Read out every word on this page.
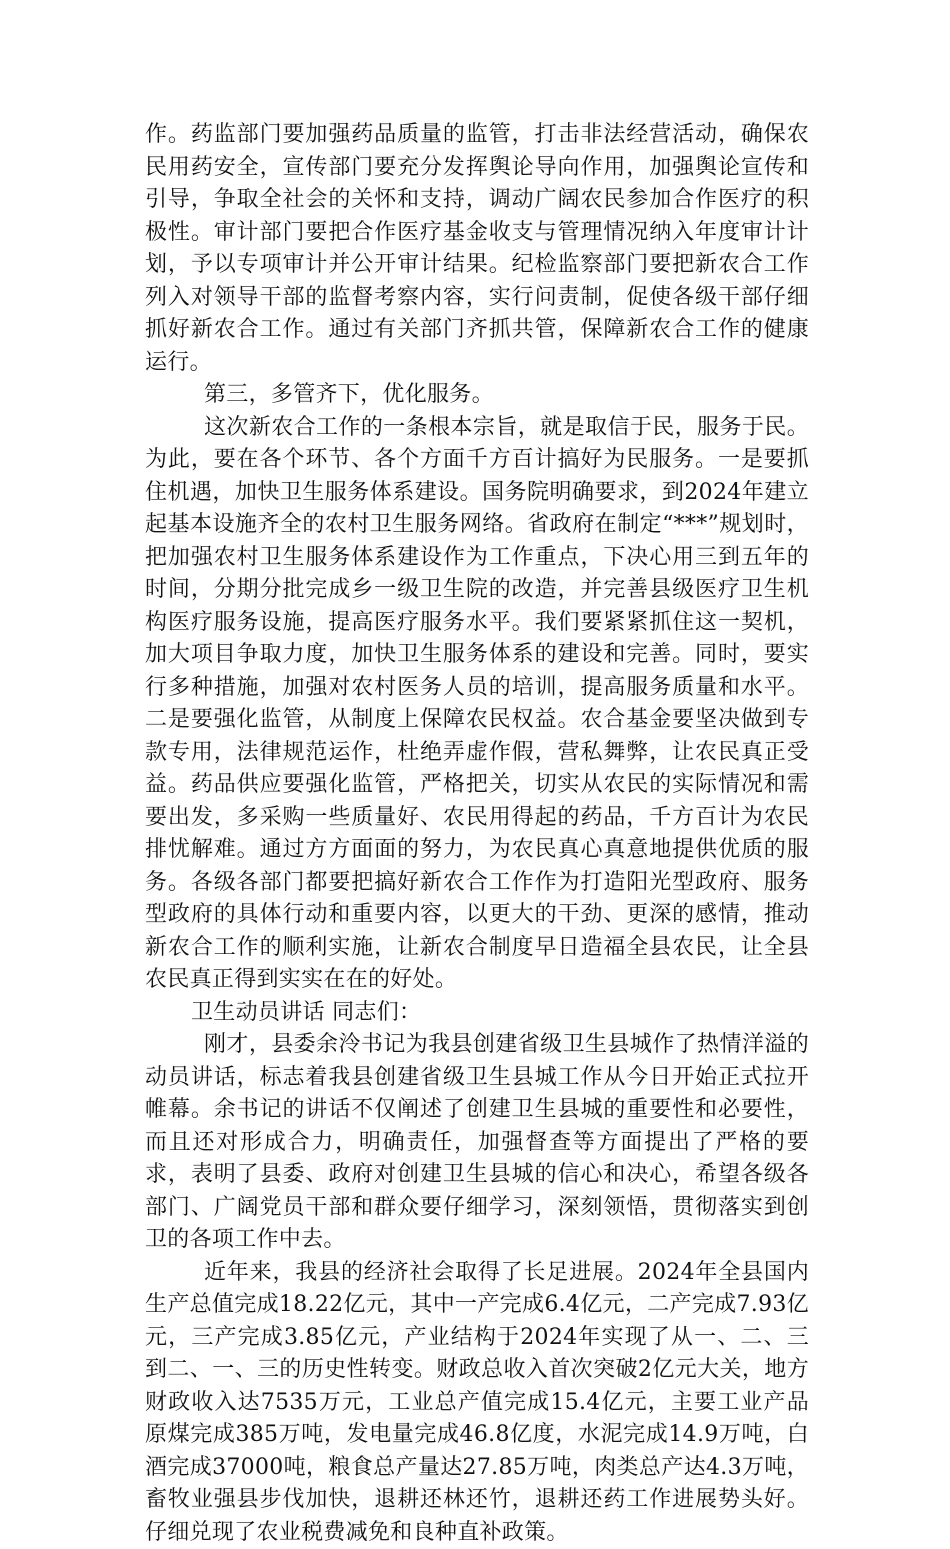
作。药监部门要加强药品质量的监管，打击非法经营活动，确保农民用药安全，宣传部门要充分发挥舆论导向作用，加强舆论宣传和引导，争取全社会的关怀和支持，调动广阔农民参加合作医疗的积极性。审计部门要把合作医疗基金收支与管理情况纳入年度审计计划，予以专项审计并公开审计结果。纪检监察部门要把新农合工作列入对领导干部的监督考察内容，实行问责制，促使各级干部仔细抓好新农合工作。通过有关部门齐抓共管，保障新农合工作的健康运行。

第三，多管齐下，优化服务。

这次新农合工作的一条根本宗旨，就是取信于民，服务于民。为此，要在各个环节、各个方面千方百计搞好为民服务。一是要抓住机遇，加快卫生服务体系建设。国务院明确要求，到2024年建立起基本设施齐全的农村卫生服务网络。省政府在制定“***”规划时，把加强农村卫生服务体系建设作为工作重点，下决心用三到五年的时间，分期分批完成乡一级卫生院的改造，并完善县级医疗卫生机构医疗服务设施，提高医疗服务水平。我们要紧紧抓住这一契机，加大项目争取力度，加快卫生服务体系的建设和完善。同时，要实行多种措施，加强对农村医务人员的培训，提高服务质量和水平。二是要强化监管，从制度上保障农民权益。农合基金要坚决做到专款专用，法律规范运作，杜绝弄虚作假，营私舞弊，让农民真正受益。药品供应要强化监管，严格把关，切实从农民的实际情况和需要出发，多采购一些质量好、农民用得起的药品，千方百计为农民排忧解难。通过方方面面的努力，为农民真心真意地提供优质的服务。各级各部门都要把搞好新农合工作作为打造阳光型政府、服务型政府的具体行动和重要内容，以更大的干劲、更深的感情，推动新农合工作的顺利实施，让新农合制度早日造福全县农民，让全县农民真正得到实实在在的好处。

卫生动员讲话 同志们：

刚才，县委余泠书记为我县创建省级卫生县城作了热情洋溢的动员讲话，标志着我县创建省级卫生县城工作从今日开始正式拉开帷幕。余书记的讲话不仅阐述了创建卫生县城的重要性和必要性，而且还对形成合力，明确责任，加强督查等方面提出了严格的要求，表明了县委、政府对创建卫生县城的信心和决心，希望各级各部门、广阔党员干部和群众要仔细学习，深刻领悟，贯彻落实到创卫的各项工作中去。

近年来，我县的经济社会取得了长足进展。2024年全县国内生产总值完成18.22亿元，其中一产完成6.4亿元，二产完成7.93亿元，三产完成3.85亿元，产业结构于2024年实现了从一、二、三到二、一、三的历史性转变。财政总收入首次突破2亿元大关，地方财政收入达7535万元，工业总产值完成15.4亿元，主要工业产品原煤完成385万吨，发电量完成46.8亿度，水泥完成14.9万吨，白酒完成37000吨，粮食总产量达27.85万吨，肉类总产达4.3万吨，畜牧业强县步伐加快，退耕还林还竹，退耕还药工作进展势头好。仔细兑现了农业税费减免和良种直补政策。
